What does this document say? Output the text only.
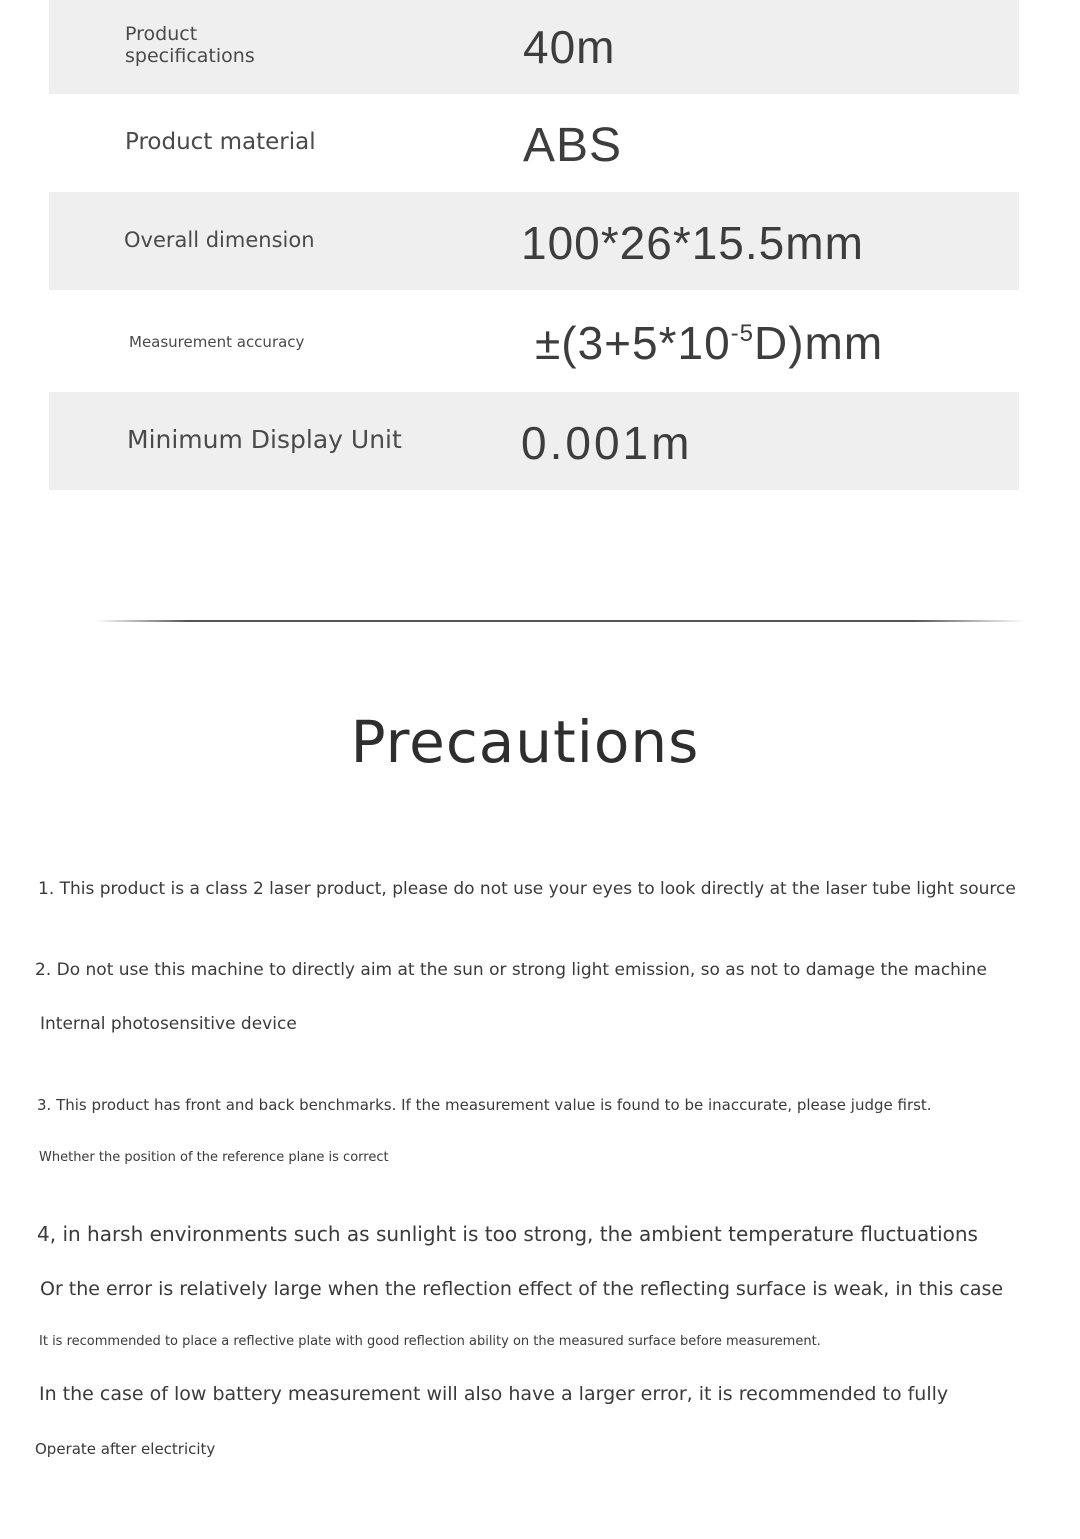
Product
specifications	40m
Product material	ABS
Overall dimension	100*26*15.5mm
Measurement accuracy	$\pm(3+5*10^{-5}D)mm$
Minimum Display Unit	0.001m
Precautions
1. This product is a class 2 laser product, please do not use your eyes to look directly at the laser tube light source
2. Do not use this machine to directly aim at the sun or strong light emission, so as not to damage the machine
Internal photosensitive device
3. This product has front and back benchmarks. If the measurement value is found to be inaccurate, please judge first.
Whether the position of the reference plane is correct
4, in harsh environments such as sunlight is too strong, the ambient temperature fluctuations
Or the error is relatively large when the reflection effect of the reflecting surface is weak, in this case
It is recommended to place a reflective plate with good reflection ability on the measured surface before measurement.
In the case of low battery measurement will also have a larger error, it is recommended to fully
Operate after electricity
